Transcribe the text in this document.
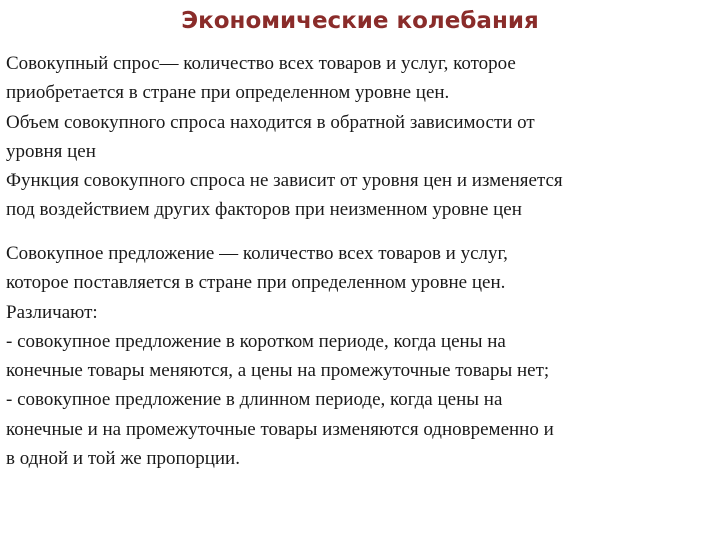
Экономические колебания
Совокупный спрос— количество всех товаров и услуг, которое
приобретается в стране при определенном уровне цен.
Объем совокупного спроса находится в обратной зависимости от
уровня цен
Функция совокупного спроса не зависит от уровня цен и изменяется
под воздействием других факторов при неизменном уровне цен
Совокупное предложение — количество всех товаров и услуг,
которое поставляется в стране при определенном уровне цен.
Различают:
- совокупное предложение в коротком периоде, когда цены на
конечные товары меняются, а цены на промежуточные товары нет;
- совокупное предложение в длинном периоде, когда цены на
конечные и на промежуточные товары изменяются одновременно и
в одной и той же пропорции.
